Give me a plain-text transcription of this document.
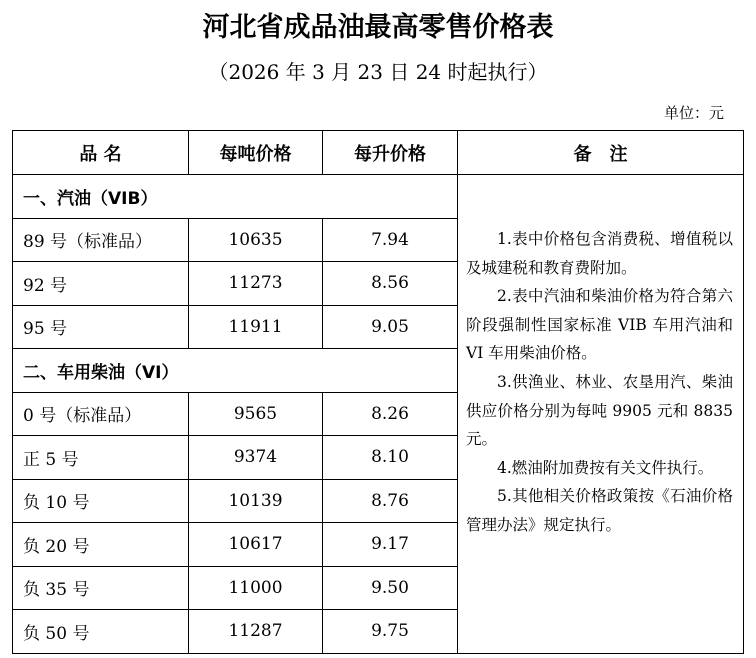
河北省成品油最高零售价格表
（2026 年 3 月 23 日 24 时起执行）
单位：元
品 名	每吨价格	每升价格	备　注
一、汽油（VIB）			1.表中价格包含消费税、增值税以及城建税和教育费附加。

2.表中汽油和柴油价格为符合第六阶段强制性国家标准 VIB 车用汽油和 VI 车用柴油价格。

3.供渔业、林业、农垦用汽、柴油供应价格分别为每吨 9905 元和 8835 元。

4.燃油附加费按有关文件执行。

5.其他相关价格政策按《石油价格管理办法》规定执行。

89 号（标准品）	10635	7.94	
92 号	11273	8.56	
95 号	11911	9.05	
二、车用柴油（VI）			
0 号（标准品）	9565	8.26	
正 5 号	9374	8.10	
负 10 号	10139	8.76	
负 20 号	10617	9.17	
负 35 号	11000	9.50	
负 50 号	11287	9.75	
